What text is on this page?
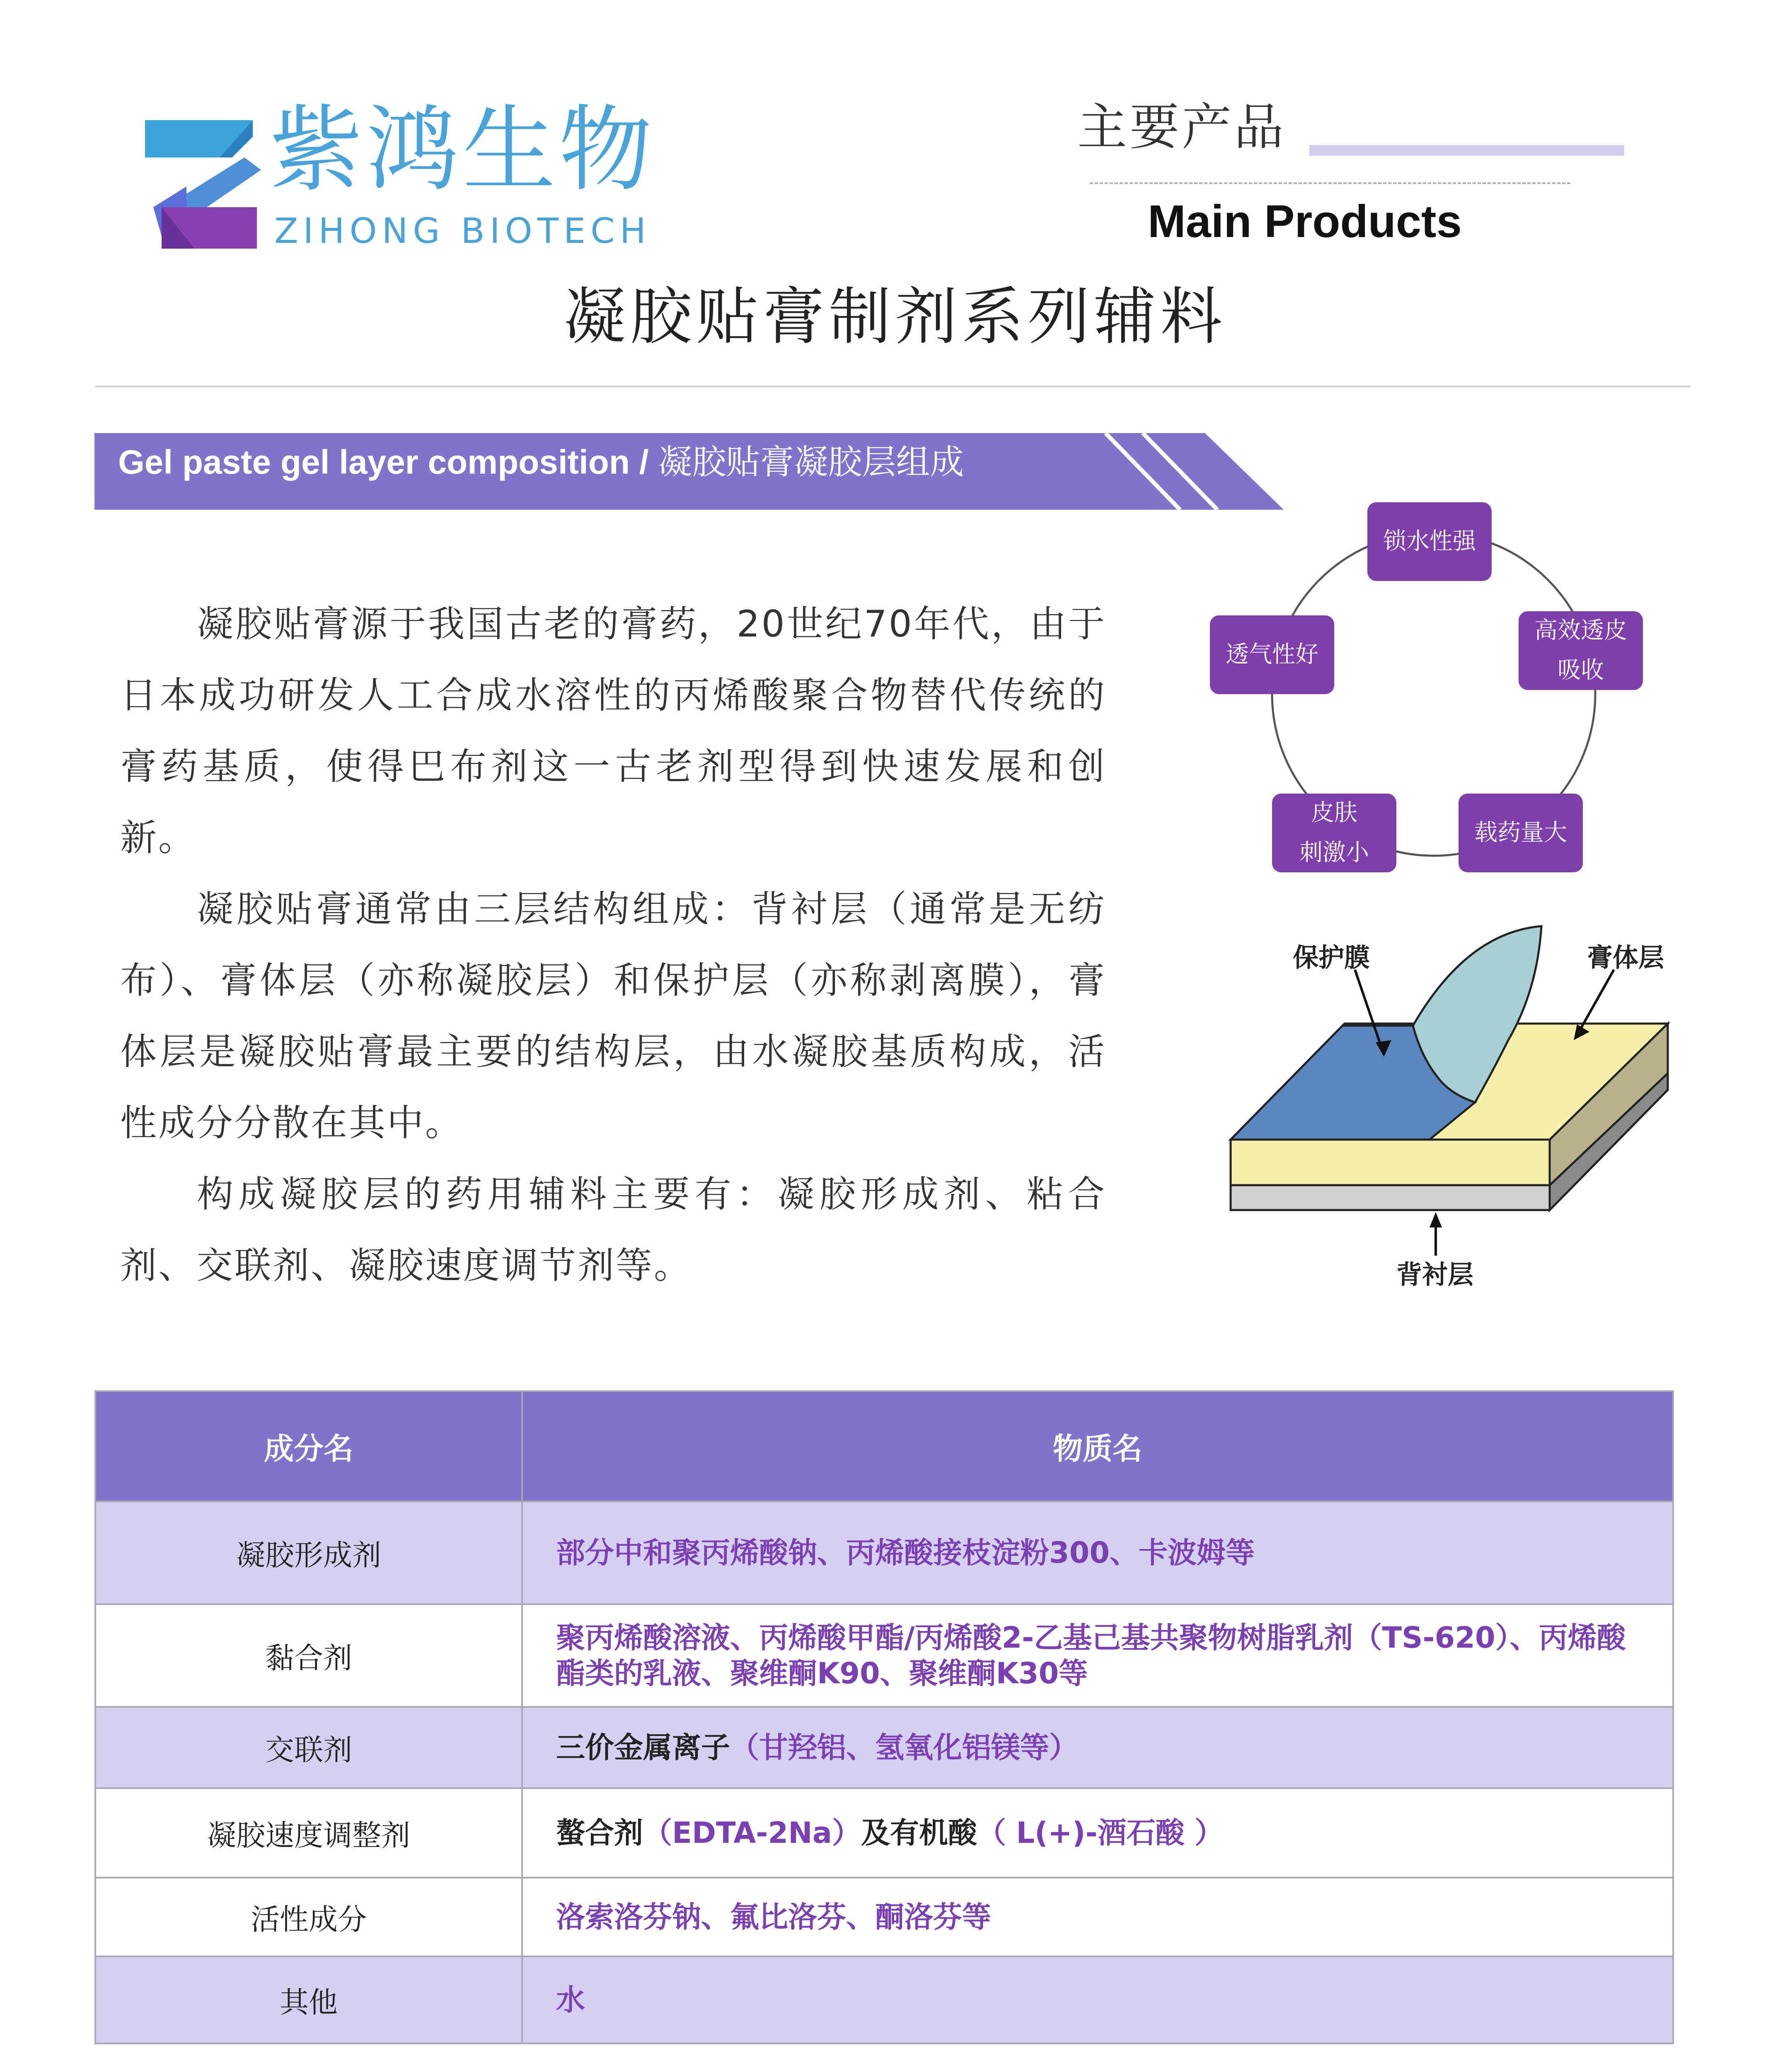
紫鸿生物
ZIHONG BIOTECH
主要产品
Main Products
凝胶贴膏制剂系列辅料
Gel paste gel layer composition / 凝胶贴膏凝胶层组成

凝胶贴膏源于我国古老的膏药，20世纪70年代，由于日本成功研发人工合成水溶性的丙烯酸聚合物替代传统的膏药基质，使得巴布剂这一古老剂型得到快速发展和创新。

凝胶贴膏通常由三层结构组成：背衬层（通常是无纺布）、膏体层（亦称凝胶层）和保护层（亦称剥离膜），膏体层是凝胶贴膏最主要的结构层，由水凝胶基质构成，活性成分分散在其中。

构成凝胶层的药用辅料主要有：凝胶形成剂、粘合剂、交联剂、凝胶速度调节剂等。

锁水性强
高效透皮
吸收
透气性好
皮肤
刺激小
载药量大
保护膜	膏体层
背衬层
成分名	物质名
凝胶形成剂	部分中和聚丙烯酸钠、丙烯酸接枝淀粉300、卡波姆等
黏合剂	聚丙烯酸溶液、丙烯酸甲酯/丙烯酸2-乙基己基共聚物树脂乳剂（TS-620）、丙烯酸
酯类的乳液、聚维酮K90、聚维酮K30等

交联剂	三价金属离子（甘羟铝、氢氧化铝镁等）
凝胶速度调整剂	螯合剂（EDTA-2Na）及有机酸（ L(+)-酒石酸 ）
活性成分	洛索洛芬钠、氟比洛芬、酮洛芬等
其他	水
